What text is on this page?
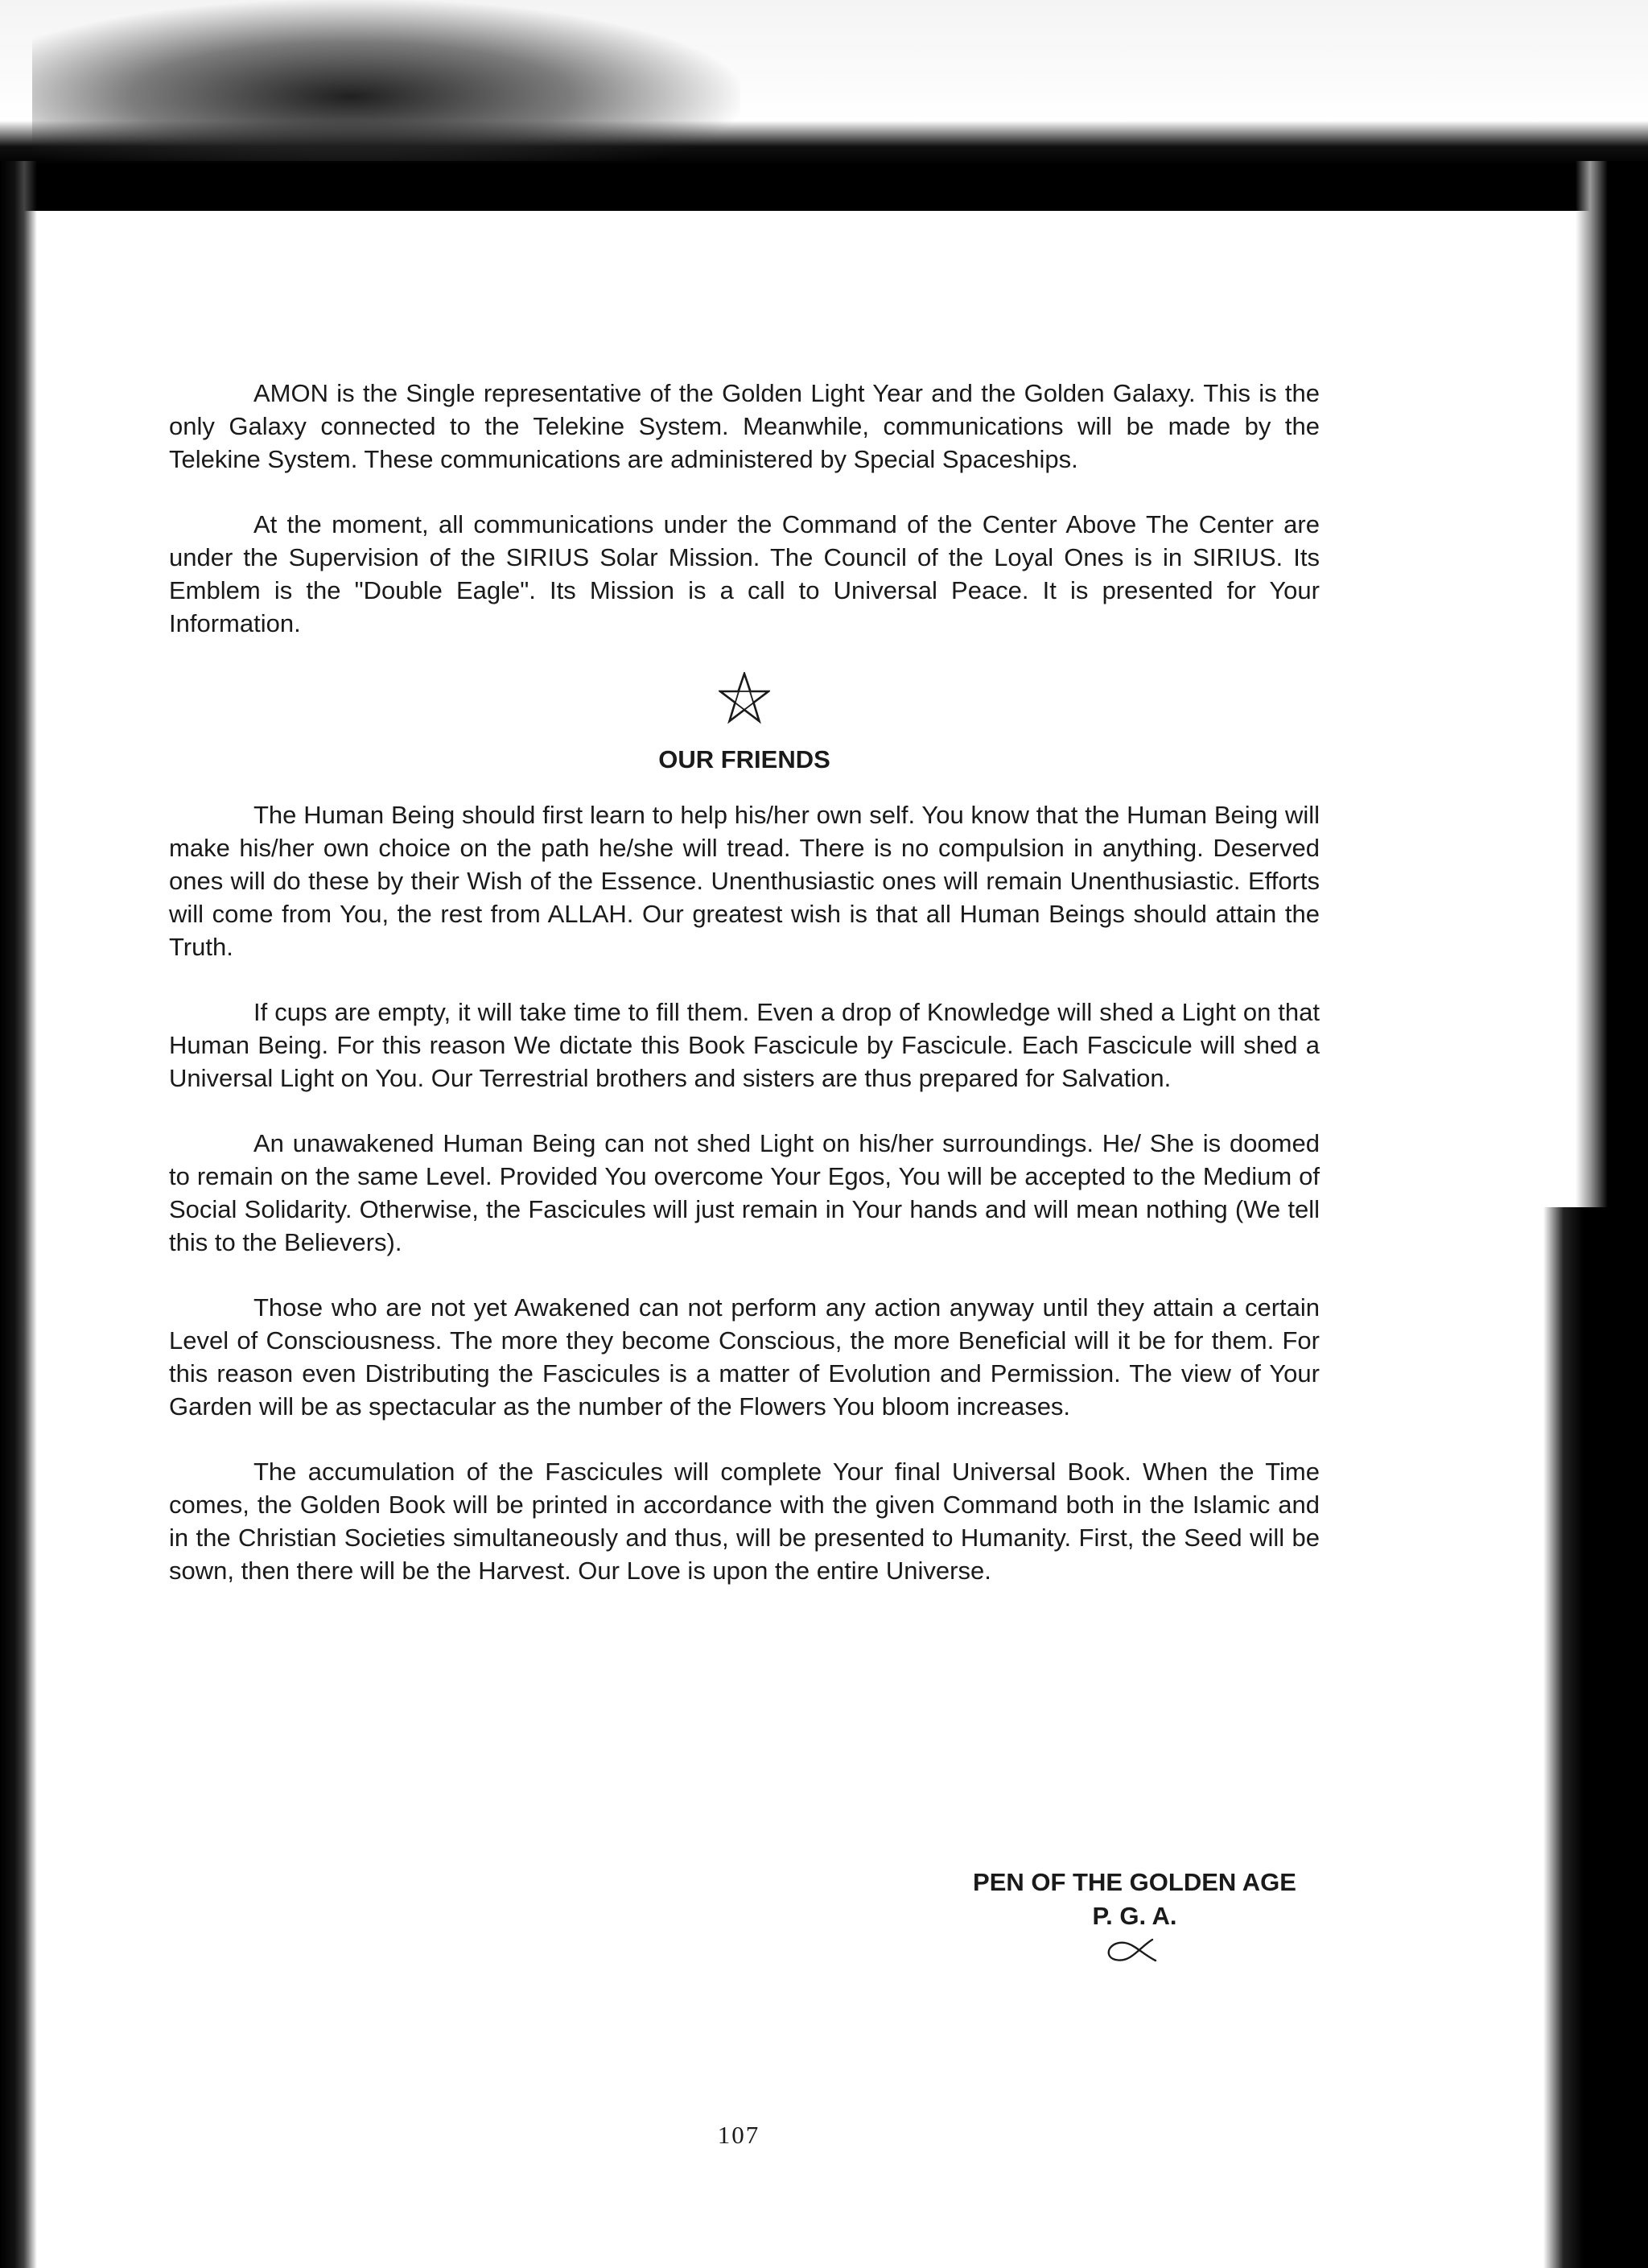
AMON is the Single representative of the Golden Light Year and the Golden Galaxy. This is the only Galaxy connected to the Telekine System. Meanwhile, communications will be made by the Telekine System. These communications are administered by Special Spaceships.

At the moment, all communications under the Command of the Center Above The Center are under the Supervision of the SIRIUS Solar Mission. The Council of the Loyal Ones is in SIRIUS. Its Emblem is the "Double Eagle". Its Mission is a call to Universal Peace. It is presented for Your Information.

OUR FRIENDS

The Human Being should first learn to help his/her own self. You know that the Human Being will make his/her own choice on the path he/she will tread. There is no compulsion in anything. Deserved ones will do these by their Wish of the Essence. Unenthusiastic ones will remain Unenthusiastic. Efforts will come from You, the rest from ALLAH. Our greatest wish is that all Human Beings should attain the Truth.

If cups are empty, it will take time to fill them. Even a drop of Knowledge will shed a Light on that Human Being. For this reason We dictate this Book Fascicule by Fascicule. Each Fascicule will shed a Universal Light on You. Our Terrestrial brothers and sisters are thus prepared for Salvation.

An unawakened Human Being can not shed Light on his/her surroundings. He/ She is doomed to remain on the same Level. Provided You overcome Your Egos, You will be accepted to the Medium of Social Solidarity. Otherwise, the Fascicules will just remain in Your hands and will mean nothing (We tell this to the Believers).

Those who are not yet Awakened can not perform any action anyway until they attain a certain Level of Consciousness. The more they become Conscious, the more Beneficial will it be for them. For this reason even Distributing the Fascicules is a matter of Evolution and Permission. The view of Your Garden will be as spectacular as the number of the Flowers You bloom increases.

The accumulation of the Fascicules will complete Your final Universal Book. When the Time comes, the Golden Book will be printed in accordance with the given Command both in the Islamic and in the Christian Societies simultaneously and thus, will be presented to Humanity. First, the Seed will be sown, then there will be the Harvest. Our Love is upon the entire Universe.

PEN OF THE GOLDEN AGE
P. G. A.
107
